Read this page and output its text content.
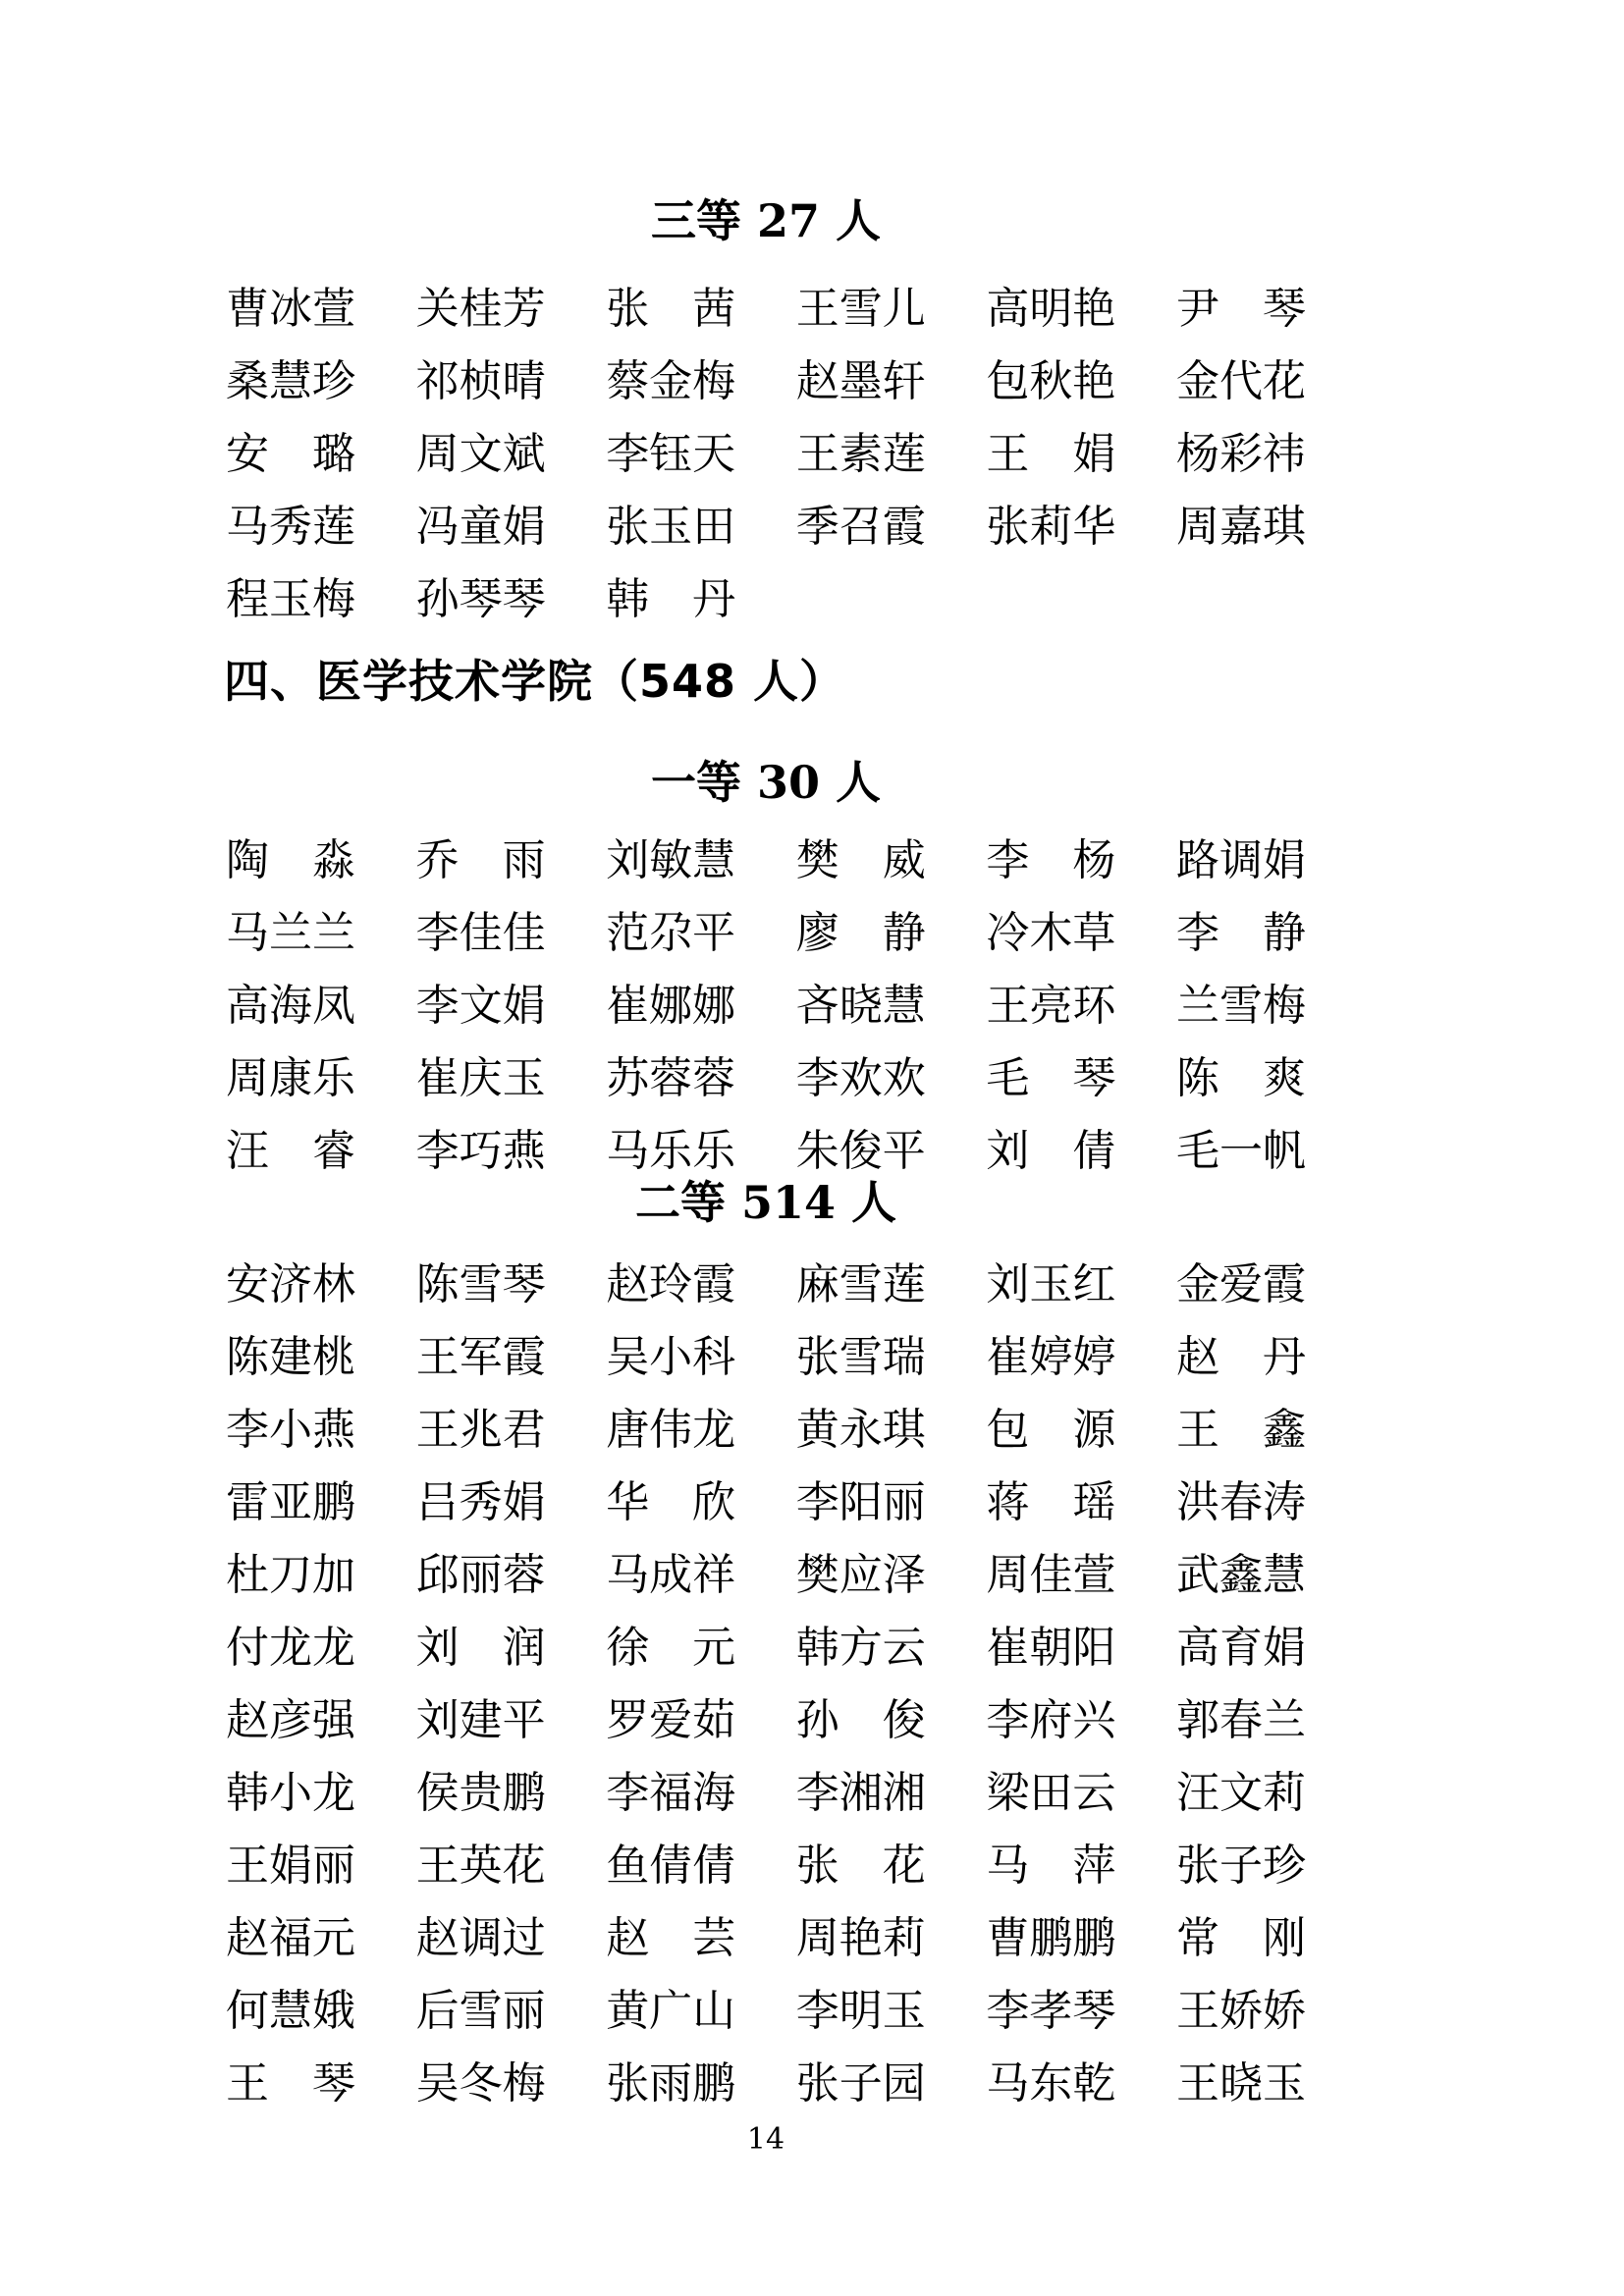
三等 27 人
曹冰萱 关桂芳 张　茜 王雪儿 高明艳 尹　琴
桑慧珍 祁桢晴 蔡金梅 赵墨轩 包秋艳 金代花
安　璐 周文斌 李钰天 王素莲 王　娟 杨彩祎
马秀莲 冯童娟 张玉田 季召霞 张莉华 周嘉琪
程玉梅 孙琴琴 韩　丹
四、医学技术学院（548 人）
一等 30 人
陶　淼 乔　雨 刘敏慧 樊　威 李　杨 路调娟
马兰兰 李佳佳 范尕平 廖　静 冷木草 李　静
高海凤 李文娟 崔娜娜 吝晓慧 王亮环 兰雪梅
周康乐 崔庆玉 苏蓉蓉 李欢欢 毛　琴 陈　爽
汪　睿 李巧燕 马乐乐 朱俊平 刘　倩 毛一帆
二等 514 人
安济林 陈雪琴 赵玲霞 麻雪莲 刘玉红 金爱霞
陈建桃 王军霞 吴小科 张雪瑞 崔婷婷 赵　丹
李小燕 王兆君 唐伟龙 黄永琪 包　源 王　鑫
雷亚鹏 吕秀娟 华　欣 李阳丽 蒋　瑶 洪春涛
杜刀加 邱丽蓉 马成祥 樊应泽 周佳萱 武鑫慧
付龙龙 刘　润 徐　元 韩方云 崔朝阳 高育娟
赵彦强 刘建平 罗爱茹 孙　俊 李府兴 郭春兰
韩小龙 侯贵鹏 李福海 李湘湘 梁田云 汪文莉
王娟丽 王英花 鱼倩倩 张　花 马　萍 张子珍
赵福元 赵调过 赵　芸 周艳莉 曹鹏鹏 常　刚
何慧娥 后雪丽 黄广山 李明玉 李孝琴 王娇娇
王　琴 吴冬梅 张雨鹏 张子园 马东乾 王晓玉
14
